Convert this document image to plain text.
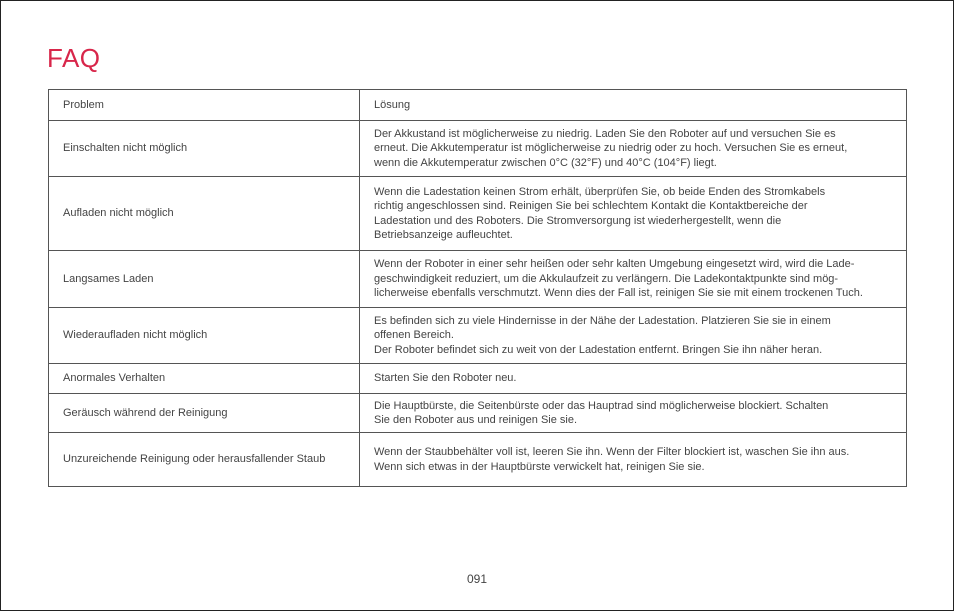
FAQ
Problem	Lösung
Einschalten nicht möglich	Der Akkustand ist möglicherweise zu niedrig. Laden Sie den Roboter auf und versuchen Sie es
erneut. Die Akkutemperatur ist möglicherweise zu niedrig oder zu hoch. Versuchen Sie es erneut,
wenn die Akkutemperatur zwischen 0°C (32°F) und 40°C (104°F) liegt.

Aufladen nicht möglich	Wenn die Ladestation keinen Strom erhält, überprüfen Sie, ob beide Enden des Stromkabels
richtig angeschlossen sind. Reinigen Sie bei schlechtem Kontakt die Kontaktbereiche der
Ladestation und des Roboters. Die Stromversorgung ist wiederhergestellt, wenn die
Betriebsanzeige aufleuchtet.

Langsames Laden	Wenn der Roboter in einer sehr heißen oder sehr kalten Umgebung eingesetzt wird, wird die Lade-
geschwindigkeit reduziert, um die Akkulaufzeit zu verlängern. Die Ladekontaktpunkte sind mög-
licherweise ebenfalls verschmutzt. Wenn dies der Fall ist, reinigen Sie sie mit einem trockenen Tuch.

Wiederaufladen nicht möglich	Es befinden sich zu viele Hindernisse in der Nähe der Ladestation. Platzieren Sie sie in einem
offenen Bereich.
Der Roboter befindet sich zu weit von der Ladestation entfernt. Bringen Sie ihn näher heran.

Anormales Verhalten	Starten Sie den Roboter neu.

Geräusch während der Reinigung	Die Hauptbürste, die Seitenbürste oder das Hauptrad sind möglicherweise blockiert. Schalten
Sie den Roboter aus und reinigen Sie sie.

Unzureichende Reinigung oder herausfallender Staub	Wenn der Staubbehälter voll ist, leeren Sie ihn. Wenn der Filter blockiert ist, waschen Sie ihn aus.
Wenn sich etwas in der Hauptbürste verwickelt hat, reinigen Sie sie.
091
